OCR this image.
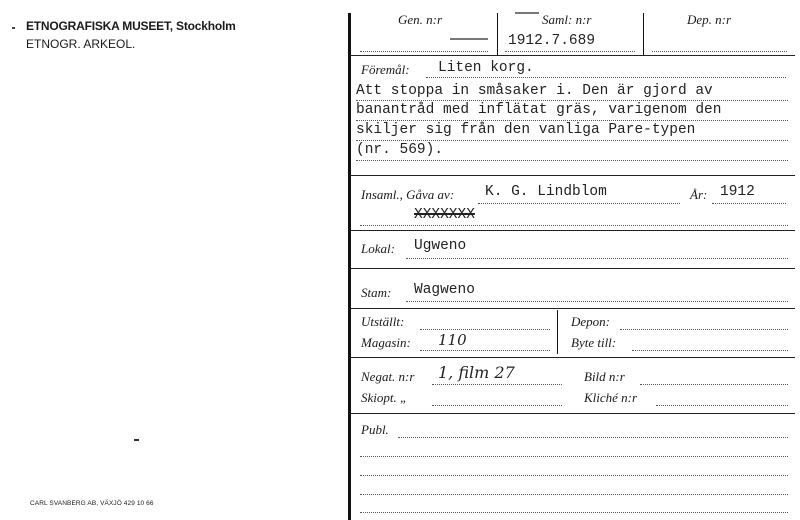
ETNOGRAFISKA MUSEET, Stockholm
ETNOGR. ARKEOL.
CARL SVANBERG AB, VÄXJÖ 429 10 66
Gen. n:r	Saml: n:r	Dep. n:r
1912.7.689
Föremål: Liten korg.
Att stoppa in småsaker i. Den är gjord av
banantråd med inflätat gräs, varigenom den
skiljer sig från den vanliga Pare-typen
(nr. 569).
Insaml., Gåva av: K. G. Lindblom	År: 1912
XXXXXXX
Lokal: Ugweno
Stam: Wagweno
Utställt:
Magasin: 110
Depon:
Byte till:
Negat. n:r 1, film 27	Bild n:r
Skiopt. „	Kliché n:r
Publ.
